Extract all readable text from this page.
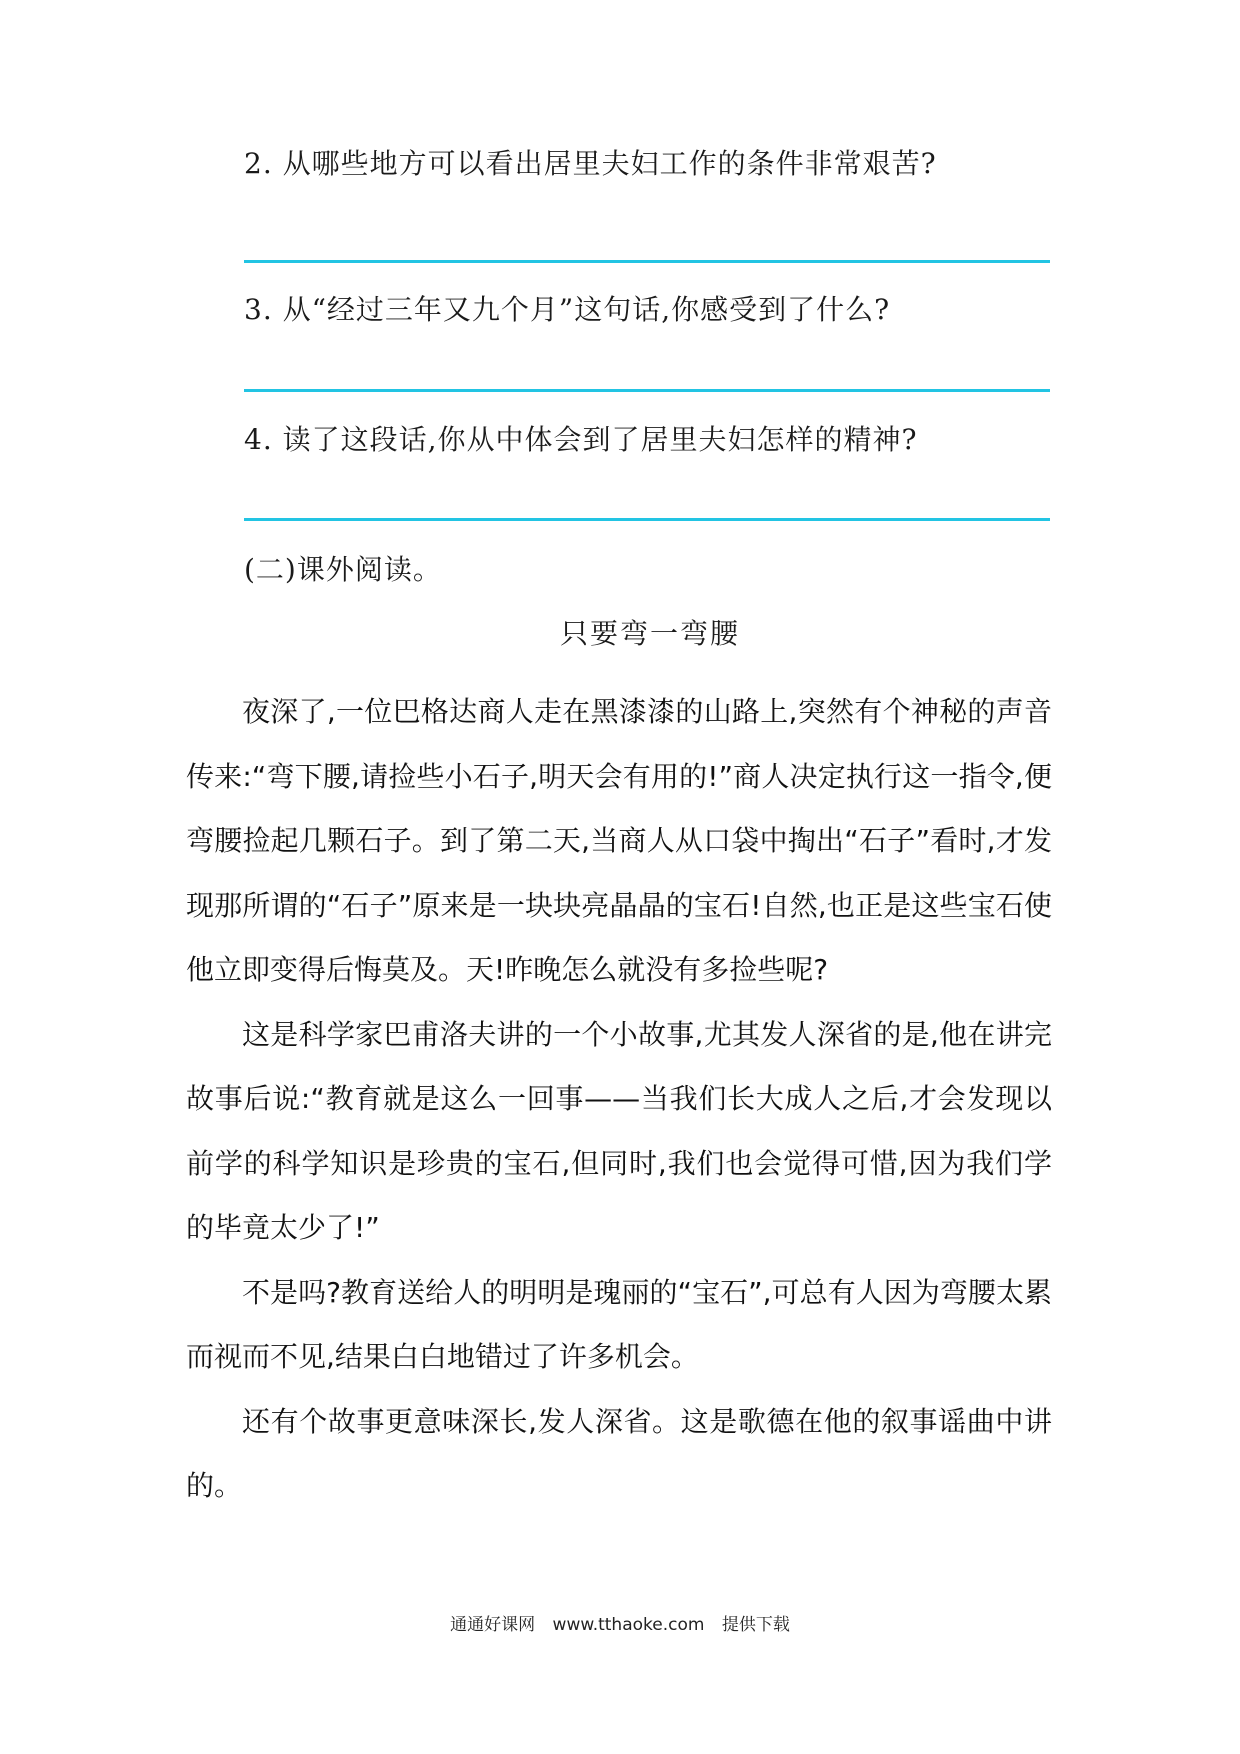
2. 从哪些地方可以看出居里夫妇工作的条件非常艰苦?
3. 从“经过三年又九个月”这句话,你感受到了什么?
4. 读了这段话,你从中体会到了居里夫妇怎样的精神?
(二)课外阅读。
只要弯一弯腰

夜深了,一位巴格达商人走在黑漆漆的山路上,突然有个神秘的声音传来:“弯下腰,请捡些小石子,明天会有用的!”商人决定执行这一指令,便弯腰捡起几颗石子。到了第二天,当商人从口袋中掏出“石子”看时,才发现那所谓的“石子”原来是一块块亮晶晶的宝石!自然,也正是这些宝石使他立即变得后悔莫及。天!昨晚怎么就没有多捡些呢?

这是科学家巴甫洛夫讲的一个小故事,尤其发人深省的是,他在讲完故事后说:“教育就是这么一回事——当我们长大成人之后,才会发现以前学的科学知识是珍贵的宝石,但同时,我们也会觉得可惜,因为我们学的毕竟太少了!”

不是吗?教育送给人的明明是瑰丽的“宝石”,可总有人因为弯腰太累而视而不见,结果白白地错过了许多机会。

还有个故事更意味深长,发人深省。这是歌德在他的叙事谣曲中讲的。

通通好课网 www.tthaoke.com 提供下载
